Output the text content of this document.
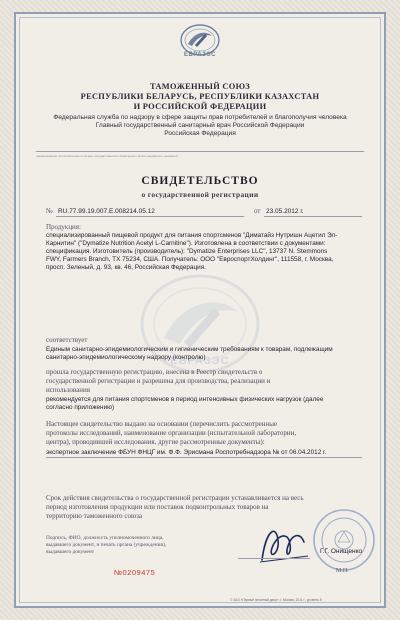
ЕВРАЗЭС
ТАМОЖЕННЫЙ СОЮЗ
РЕСПУБЛИКИ БЕЛАРУСЬ, РЕСПУБЛИКИ КАЗАХСТАН
И РОССИЙСКОЙ ФЕДЕРАЦИИ
Федеральная служба по надзору в сфере защиты прав потребителей и благополучия человека
Главный государственный санитарный врач Российской Федерации
Российская Федерация
(наименование уполномоченного органа, государственного санитарного врача, выдавшего документ)
СВИДЕТЕЛЬСТВО
о государственной регистрации
№ RU.77.99.19.007.Е.008214.05.12	от 23.05.2012 г.
Продукция:
специализированный пищевой продукт для питания спортсменов "Диматайз Нутришн Ацетил Эл-
Карнитин" ("Dymatize Nutrition Acetyl L-Carnitine"). Изготовлена в соответствии с документами:
спецификация. Изготовитель (производитель): "Dymatize Enterprises LLC", 13737 N. Stemmons
FWY, Farmers Branch, TX 75234, США. Получатель: ООО "ЕвроспортХолдинг", 111558, г. Москва,
просп. Зеленый, д. 93, кв. 46, Российская Федерация.
ЕВРАЗЭС
соответствует
Единым санитарно-эпидемиологическим и гигиеническим требованиям к товарам, подлежащим
санитарно-эпидемиологическому надзору (контролю)
прошла государственную регистрацию, внесена в Реестр свидетельств о
государственной регистрации и разрешена для производства, реализации и
использования
рекомендуется для питания спортсменов в период интенсивных физических нагрузок (далее
согласно приложению)
Настоящее свидетельство выдано на основании (перечислить рассмотренные
протоколы исследований, наименование организации (испытательной лаборатории,
центра), проводившей исследования, другие рассмотренные документы):
экспертное заключение ФБУН ФНЦГ им. Ф.Ф. Эрисмана Роспотребнадзора № от 06.04.2012 г.
Срок действия свидетельства о государственной регистрации устанавливается на весь
период изготовления продукции или поставок подконтрольных товаров на
территорию таможенного союза
Подпись, ФИО, должность уполномоченного лица,
выдавшего документ, и печать органа (учреждения),
выдавшего документ	Г.Г. Онищенко
М.П.
№0209475
© ЗАО «Первый печатный двор», г. Москва, 2011 г., уровень В
